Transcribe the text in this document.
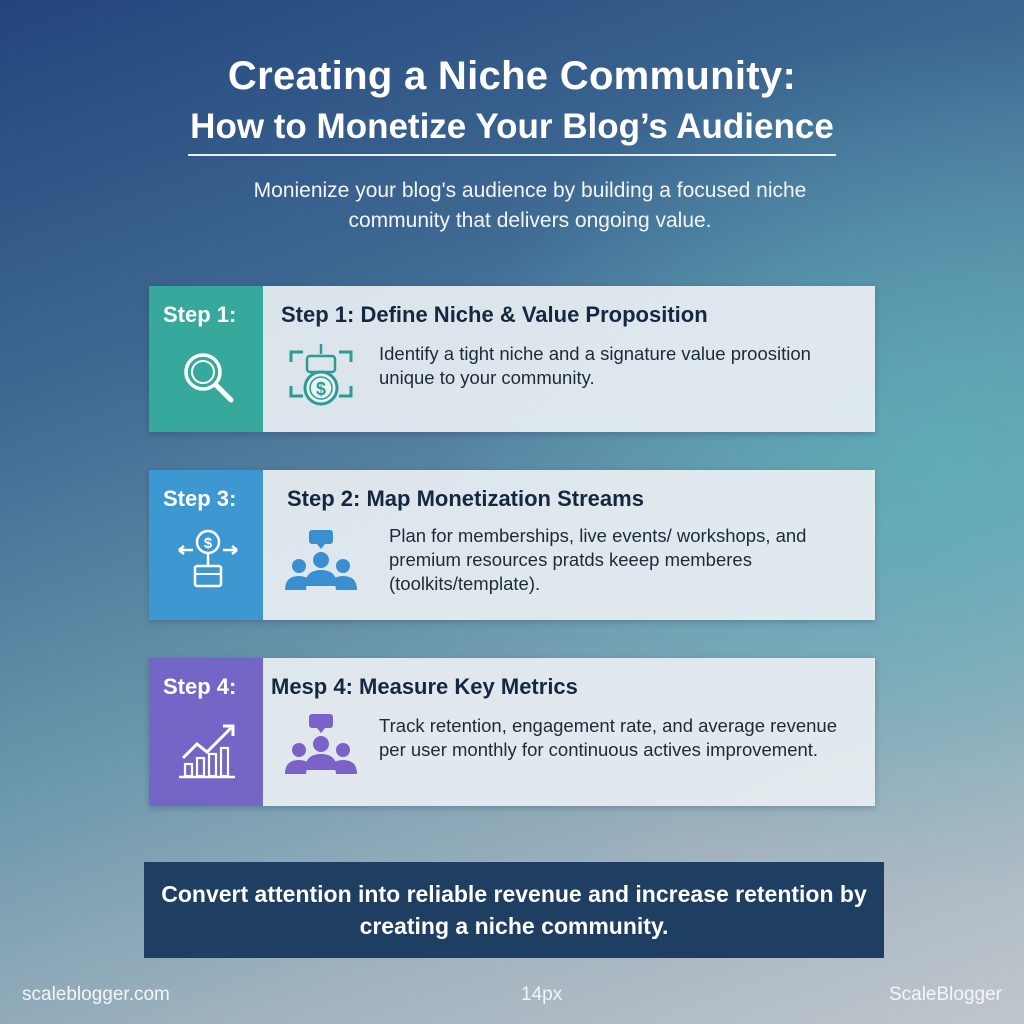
Creating a Niche Community:
How to Monetize Your Blog’s Audience
Monienize your blog's audience by building a focused niche community that delivers ongoing value.
Step 1: Step 1: Define Niche & Value Proposition
$
Identify a tight niche and a signature value proosition unique to your community.
Step 3:
$
Step 2: Map Monetization Streams
Plan for memberships, live events/ workshops, and premium resources pratds keeep memberes (toolkits/template).
Step 4: Mesp 4: Measure Key Metrics
Track retention, engagement rate, and average revenue per user monthly for continuous actives improvement.
Convert attention into reliable revenue and increase retention by creating a niche community.
scaleblogger.com	14px	ScaleBlogger
